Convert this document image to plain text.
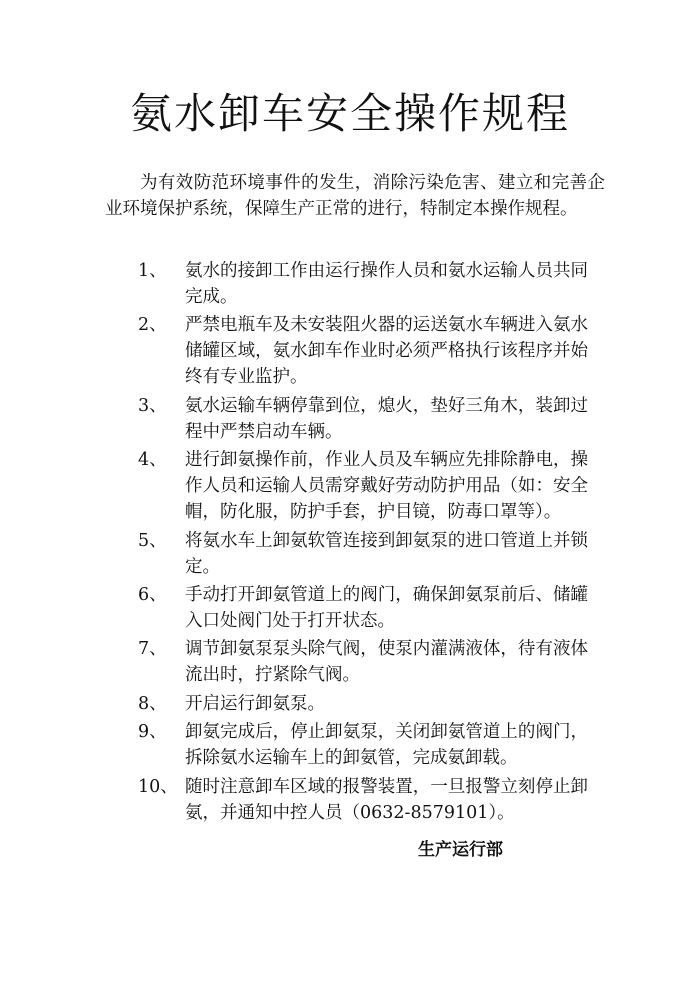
氨水卸车安全操作规程

为有效防范环境事件的发生，消除污染危害、建立和完善企业环境保护系统，保障生产正常的进行，特制定本操作规程。

1、	氨水的接卸工作由运行操作人员和氨水运输人员共同完成。
2、	严禁电瓶车及未安装阻火器的运送氨水车辆进入氨水储罐区域，氨水卸车作业时必须严格执行该程序并始终有专业监护。
3、	氨水运输车辆停靠到位，熄火，垫好三角木，装卸过程中严禁启动车辆。
4、	进行卸氨操作前，作业人员及车辆应先排除静电，操作人员和运输人员需穿戴好劳动防护用品（如：安全帽，防化服，防护手套，护目镜，防毒口罩等）。
5、	将氨水车上卸氨软管连接到卸氨泵的进口管道上并锁定。
6、	手动打开卸氨管道上的阀门，确保卸氨泵前后、储罐入口处阀门处于打开状态。
7、	调节卸氨泵泵头除气阀，使泵内灌满液体，待有液体流出时，拧紧除气阀。
8、	开启运行卸氨泵。
9、	卸氨完成后，停止卸氨泵，关闭卸氨管道上的阀门，拆除氨水运输车上的卸氨管，完成氨卸载。
10、 随时注意卸车区域的报警装置，一旦报警立刻停止卸氨，并通知中控人员（0632-8579101）。
生产运行部
